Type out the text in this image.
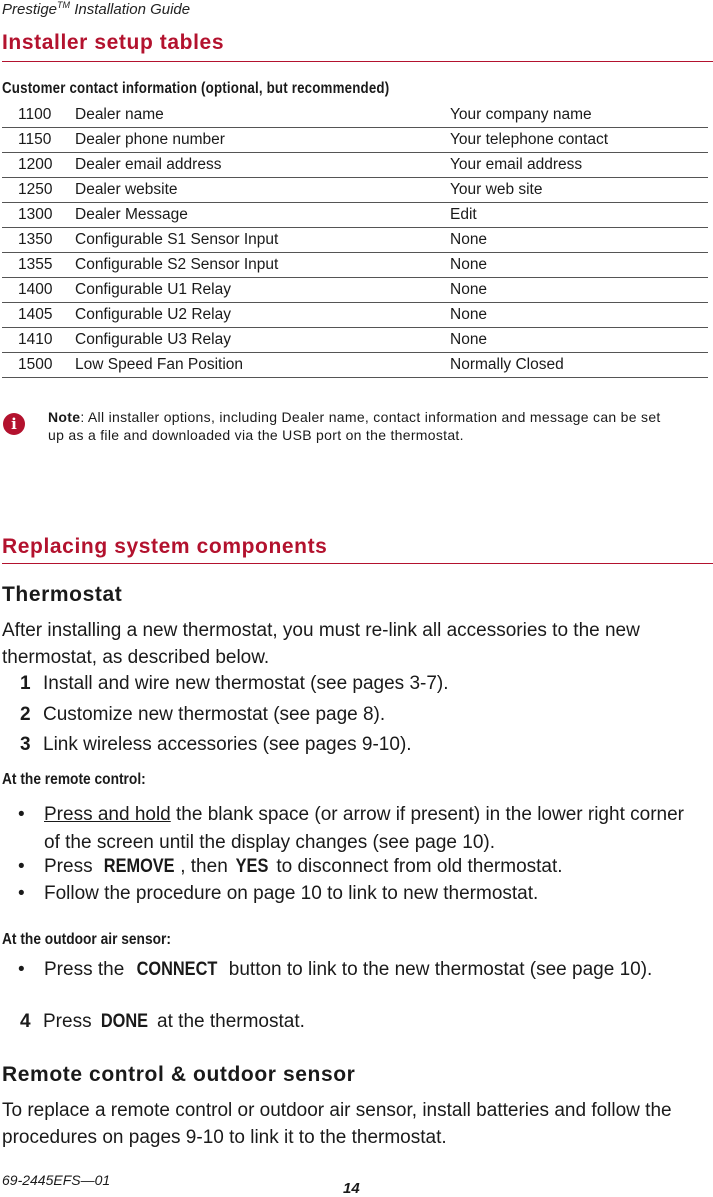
Prestige™ Installation Guide
Installer setup tables
Customer contact information (optional, but recommended)
	1100	Dealer name	Your company name
	1150	Dealer phone number	Your telephone contact
	1200	Dealer email address	Your email address
	1250	Dealer website	Your web site
	1300	Dealer Message	Edit
	1350	Configurable S1 Sensor Input	None
	1355	Configurable S2 Sensor Input	None
	1400	Configurable U1 Relay	None
	1405	Configurable U2 Relay	None
	1410	Configurable U3 Relay	None
	1500	Low Speed Fan Position	Normally Closed
i	Note: All installer options, including Dealer name, contact information and message can be set up as a file and downloaded via the USB port on the thermostat.
Replacing system components
Thermostat
After installing a new thermostat, you must re-link all accessories to the new thermostat, as described below.
1 Install and wire new thermostat (see pages 3-7).
2 Customize new thermostat (see page 8).
3 Link wireless accessories (see pages 9-10).
At the remote control:
• Press and hold the blank space (or arrow if present) in the lower right corner of the screen until the display changes (see page 10).
• Press REMOVE , then YES to disconnect from old thermostat.
• Follow the procedure on page 10 to link to new thermostat.
At the outdoor air sensor:
• Press the CONNECT button to link to the new thermostat (see page 10).
4 Press DONE at the thermostat.
Remote control & outdoor sensor
To replace a remote control or outdoor air sensor, install batteries and follow the procedures on pages 9-10 to link it to the thermostat.
69-2445EFS—01	14
